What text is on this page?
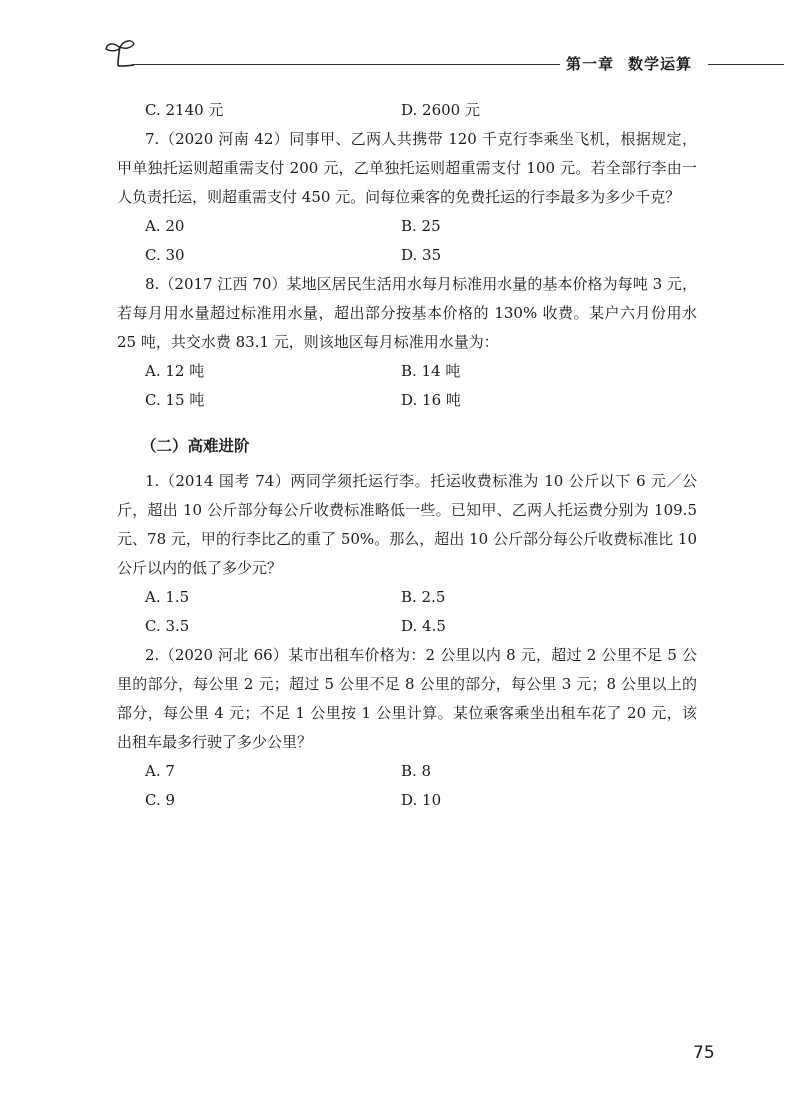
第一章 数学运算
C. 2140 元	D. 2600 元

7.（2020 河南 42）同事甲、乙两人共携带 120 千克行李乘坐飞机，根据规定，甲单独托运则超重需支付 200 元，乙单独托运则超重需支付 100 元。若全部行李由一人负责托运，则超重需支付 450 元。问每位乘客的免费托运的行李最多为多少千克？

A. 20	B. 25
C. 30	D. 35

8.（2017 江西 70）某地区居民生活用水每月标准用水量的基本价格为每吨 3 元，若每月用水量超过标准用水量，超出部分按基本价格的 130% 收费。某户六月份用水 25 吨，共交水费 83.1 元，则该地区每月标准用水量为：

A. 12 吨	B. 14 吨
C. 15 吨	D. 16 吨
（二）高难进阶

1.（2014 国考 74）两同学须托运行李。托运收费标准为 10 公斤以下 6 元／公斤，超出 10 公斤部分每公斤收费标准略低一些。已知甲、乙两人托运费分别为 109.5 元、78 元，甲的行李比乙的重了 50%。那么，超出 10 公斤部分每公斤收费标准比 10 公斤以内的低了多少元？

A. 1.5	B. 2.5
C. 3.5	D. 4.5

2.（2020 河北 66）某市出租车价格为：2 公里以内 8 元，超过 2 公里不足 5 公里的部分，每公里 2 元；超过 5 公里不足 8 公里的部分，每公里 3 元；8 公里以上的部分，每公里 4 元；不足 1 公里按 1 公里计算。某位乘客乘坐出租车花了 20 元，该出租车最多行驶了多少公里？

A. 7	B. 8
C. 9	D. 10
75
